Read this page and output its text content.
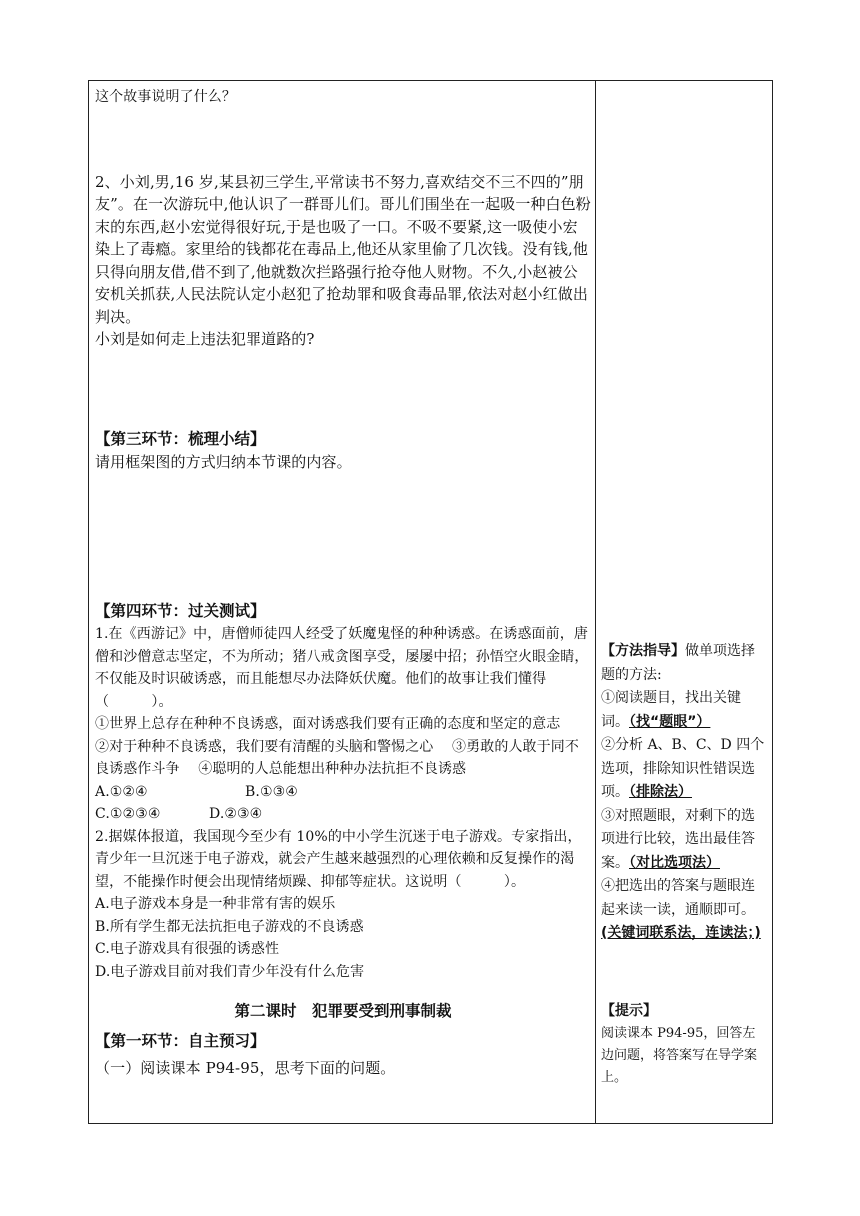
这个故事说明了什么？

2、小刘,男,16 岁,某县初三学生,平常读书不努力,喜欢结交不三不四的”朋友”。在一次游玩中,他认识了一群哥儿们。哥儿们围坐在一起吸一种白色粉末的东西,赵小宏觉得很好玩,于是也吸了一口。不吸不要紧,这一吸使小宏染上了毒瘾。家里给的钱都花在毒品上,他还从家里偷了几次钱。没有钱,他只得向朋友借,借不到了,他就数次拦路强行抢夺他人财物。不久,小赵被公安机关抓获,人民法院认定小赵犯了抢劫罪和吸食毒品罪,依法对赵小红做出判决。

小刘是如何走上违法犯罪道路的?

【第三环节：梳理小结】

请用框架图的方式归纳本节课的内容。

【第四环节：过关测试】

1.在《西游记》中，唐僧师徒四人经受了妖魔鬼怪的种种诱惑。在诱惑面前，唐僧和沙僧意志坚定，不为所动；猪八戒贪图享受，屡屡中招；孙悟空火眼金睛，不仅能及时识破诱惑，而且能想尽办法降妖伏魔。他们的故事让我们懂得 （　　　）。

①世界上总存在种种不良诱惑，面对诱惑我们要有正确的态度和坚定的意志　　②对于种种不良诱惑，我们要有清醒的头脑和警惕之心　 ③勇敢的人敢于同不良诱惑作斗争　 ④聪明的人总能想出种种办法抗拒不良诱惑

A.①②④	B.①③④
C.①②③④	D.②③④

2.据媒体报道，我国现今至少有 10%的中小学生沉迷于电子游戏。专家指出，青少年一旦沉迷于电子游戏，就会产生越来越强烈的心理依赖和反复操作的渴望，不能操作时便会出现情绪烦躁、抑郁等症状。这说明（　　　）。

A.电子游戏本身是一种非常有害的娱乐

B.所有学生都无法抗拒电子游戏的不良诱惑

C.电子游戏具有很强的诱惑性

D.电子游戏目前对我们青少年没有什么危害

第二课时　犯罪要受到刑事制裁

【第一环节：自主预习】

（一）阅读课本 P94-95，思考下面的问题。

【方法指导】做单项选择题的方法:

①阅读题目，找出关键词。（找“题眼”）

②分析 A、B、C、D 四个选项，排除知识性错误选项。（排除法）

③对照题眼，对剩下的选项进行比较，选出最佳答案。（对比选项法）

④把选出的答案与题眼连起来读一读，通顺即可。(关键词联系法，连读法；)

【提示】

阅读课本 P94-95，回答左边问题，将答案写在导学案上。
